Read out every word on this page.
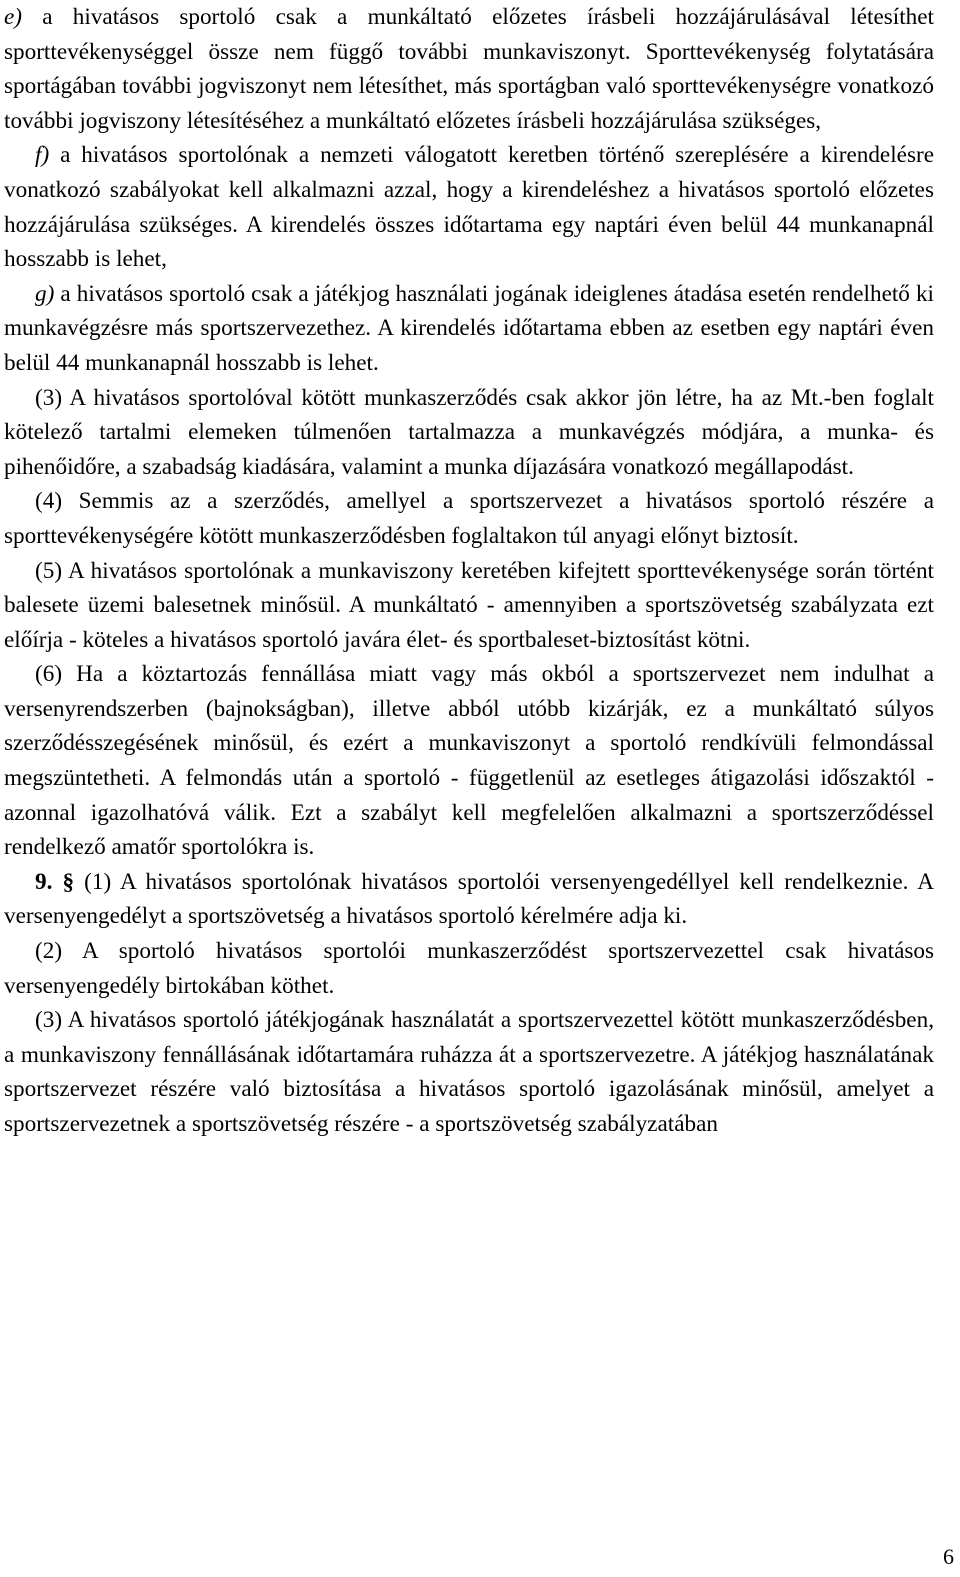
e) a hivatásos sportoló csak a munkáltató előzetes írásbeli hozzájárulásával létesíthet sporttevékenységgel össze nem függő további munkaviszonyt. Sporttevékenység folytatására sportágában további jogviszonyt nem létesíthet, más sportágban való sporttevékenységre vonatkozó további jogviszony létesítéséhez a munkáltató előzetes írásbeli hozzájárulása szükséges,

f) a hivatásos sportolónak a nemzeti válogatott keretben történő szereplésére a kirendelésre vonatkozó szabályokat kell alkalmazni azzal, hogy a kirendeléshez a hivatásos sportoló előzetes hozzájárulása szükséges. A kirendelés összes időtartama egy naptári éven belül 44 munkanapnál hosszabb is lehet,

g) a hivatásos sportoló csak a játékjog használati jogának ideiglenes átadása esetén rendelhető ki munkavégzésre más sportszervezethez. A kirendelés időtartama ebben az esetben egy naptári éven belül 44 munkanapnál hosszabb is lehet.

(3) A hivatásos sportolóval kötött munkaszerződés csak akkor jön létre, ha az Mt.-ben foglalt kötelező tartalmi elemeken túlmenően tartalmazza a munkavégzés módjára, a munka- és pihenőidőre, a szabadság kiadására, valamint a munka díjazására vonatkozó megállapodást.

(4) Semmis az a szerződés, amellyel a sportszervezet a hivatásos sportoló részére a sporttevékenységére kötött munkaszerződésben foglaltakon túl anyagi előnyt biztosít.

(5) A hivatásos sportolónak a munkaviszony keretében kifejtett sporttevékenysége során történt balesete üzemi balesetnek minősül. A munkáltató - amennyiben a sportszövetség szabályzata ezt előírja - köteles a hivatásos sportoló javára élet- és sportbaleset-biztosítást kötni.

(6) Ha a köztartozás fennállása miatt vagy más okból a sportszervezet nem indulhat a versenyrendszerben (bajnokságban), illetve abból utóbb kizárják, ez a munkáltató súlyos szerződésszegésének minősül, és ezért a munkaviszonyt a sportoló rendkívüli felmondással megszüntetheti. A felmondás után a sportoló - függetlenül az esetleges átigazolási időszaktól - azonnal igazolhatóvá válik. Ezt a szabályt kell megfelelően alkalmazni a sportszerződéssel rendelkező amatőr sportolókra is.

9. § (1) A hivatásos sportolónak hivatásos sportolói versenyengedéllyel kell rendelkeznie. A versenyengedélyt a sportszövetség a hivatásos sportoló kérelmére adja ki.

(2) A sportoló hivatásos sportolói munkaszerződést sportszervezettel csak hivatásos versenyengedély birtokában köthet.

(3) A hivatásos sportoló játékjogának használatát a sportszervezettel kötött munkaszerződésben, a munkaviszony fennállásának időtartamára ruházza át a sportszervezetre. A játékjog használatának sportszervezet részére való biztosítása a hivatásos sportoló igazolásának minősül, amelyet a sportszervezetnek a sportszövetség részére - a sportszövetség szabályzatában

6
